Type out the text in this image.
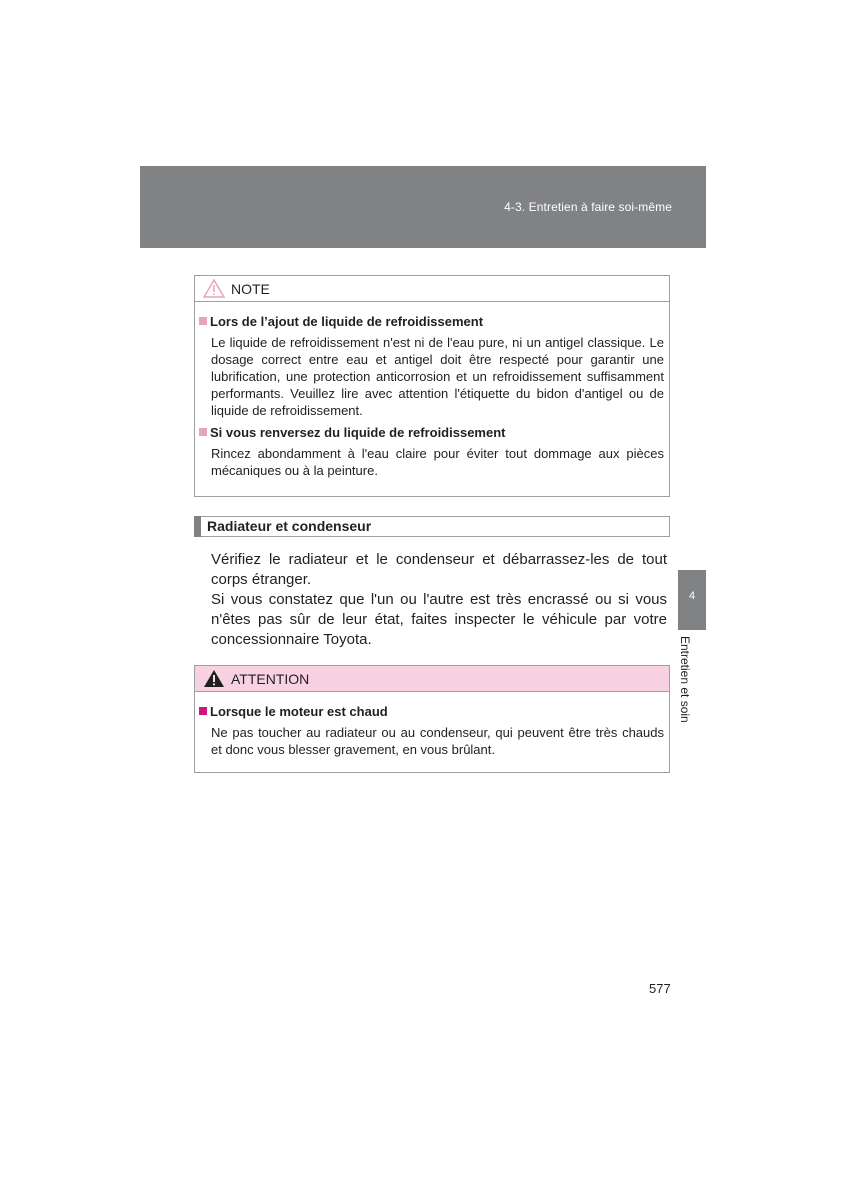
4-3. Entretien à faire soi-même
4
Entretien et soin
NOTE
Lors de l’ajout de liquide de refroidissement
Le liquide de refroidissement n'est ni de l'eau pure, ni un antigel classique. Le dosage correct entre eau et antigel doit être respecté pour garantir une lubrification, une protection anticorrosion et un refroidissement suffisamment performants. Veuillez lire avec attention l'étiquette du bidon d'antigel ou de liquide de refroidissement.
Si vous renversez du liquide de refroidissement
Rincez abondamment à l'eau claire pour éviter tout dommage aux pièces mécaniques ou à la peinture.
Radiateur et condenseur

Vérifiez le radiateur et le condenseur et débarrassez-les de tout corps étranger.

Si vous constatez que l'un ou l'autre est très encrassé ou si vous n'êtes pas sûr de leur état, faites inspecter le véhicule par votre concessionnaire Toyota.

ATTENTION
Lorsque le moteur est chaud
Ne pas toucher au radiateur ou au condenseur, qui peuvent être très chauds et donc vous blesser gravement, en vous brûlant.
577
